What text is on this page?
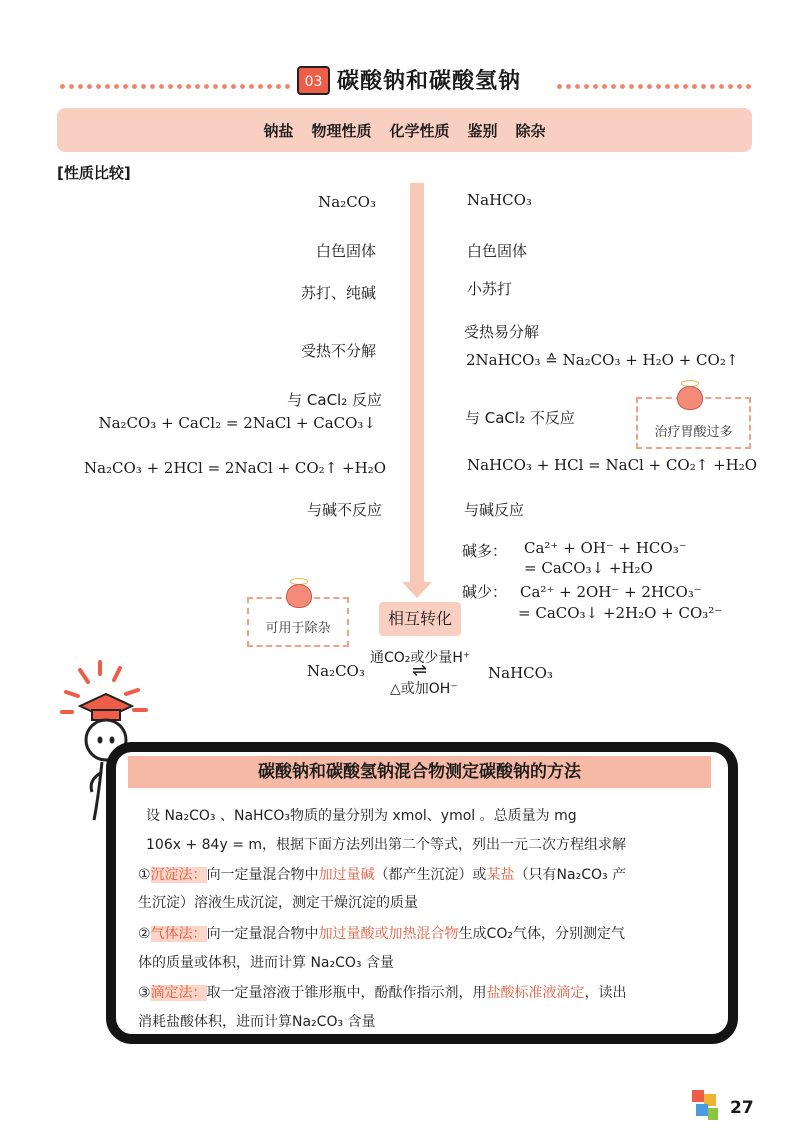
03 碳酸钠和碳酸氢钠
钠盐 物理性质 化学性质 鉴别 除杂
[性质比较]
Na₂CO₃
白色固体
苏打、纯碱
受热不分解
与 CaCl₂ 反应
Na₂CO₃ + CaCl₂ = 2NaCl + CaCO₃↓
Na₂CO₃ + 2HCl = 2NaCl + CO₂↑ +H₂O
与碱不反应
NaHCO₃
白色固体
小苏打
受热易分解
2NaHCO₃ ≙ Na₂CO₃ + H₂O + CO₂↑
与 CaCl₂ 不反应
NaHCO₃ + HCl = NaCl + CO₂↑ +H₂O
与碱反应
碱多： Ca²⁺ + OH⁻ + HCO₃⁻
= CaCO₃↓ +H₂O
碱少： Ca²⁺ + 2OH⁻ + 2HCO₃⁻
= CaCO₃↓ +2H₂O + CO₃²⁻
治疗胃酸过多
可用于除杂
相互转化
Na₂CO₃
通CO₂或少量H⁺
⇌
△或加OH⁻
NaHCO₃
碳酸钠和碳酸氢钠混合物测定碳酸钠的方法
设 Na₂CO₃ 、NaHCO₃物质的量分别为 xmol、ymol 。总质量为 mg
106x + 84y = m，根据下面方法列出第二个等式，列出一元二次方程组求解
①沉淀法：向一定量混合物中加过量碱（都产生沉淀）或某盐（只有Na₂CO₃ 产
生沉淀）溶液生成沉淀，测定干燥沉淀的质量
②气体法：向一定量混合物中加过量酸或加热混合物生成CO₂气体，分别测定气
体的质量或体积，进而计算 Na₂CO₃ 含量
③滴定法：取一定量溶液于锥形瓶中，酚酞作指示剂，用盐酸标准液滴定，读出
消耗盐酸体积，进而计算Na₂CO₃ 含量
27
